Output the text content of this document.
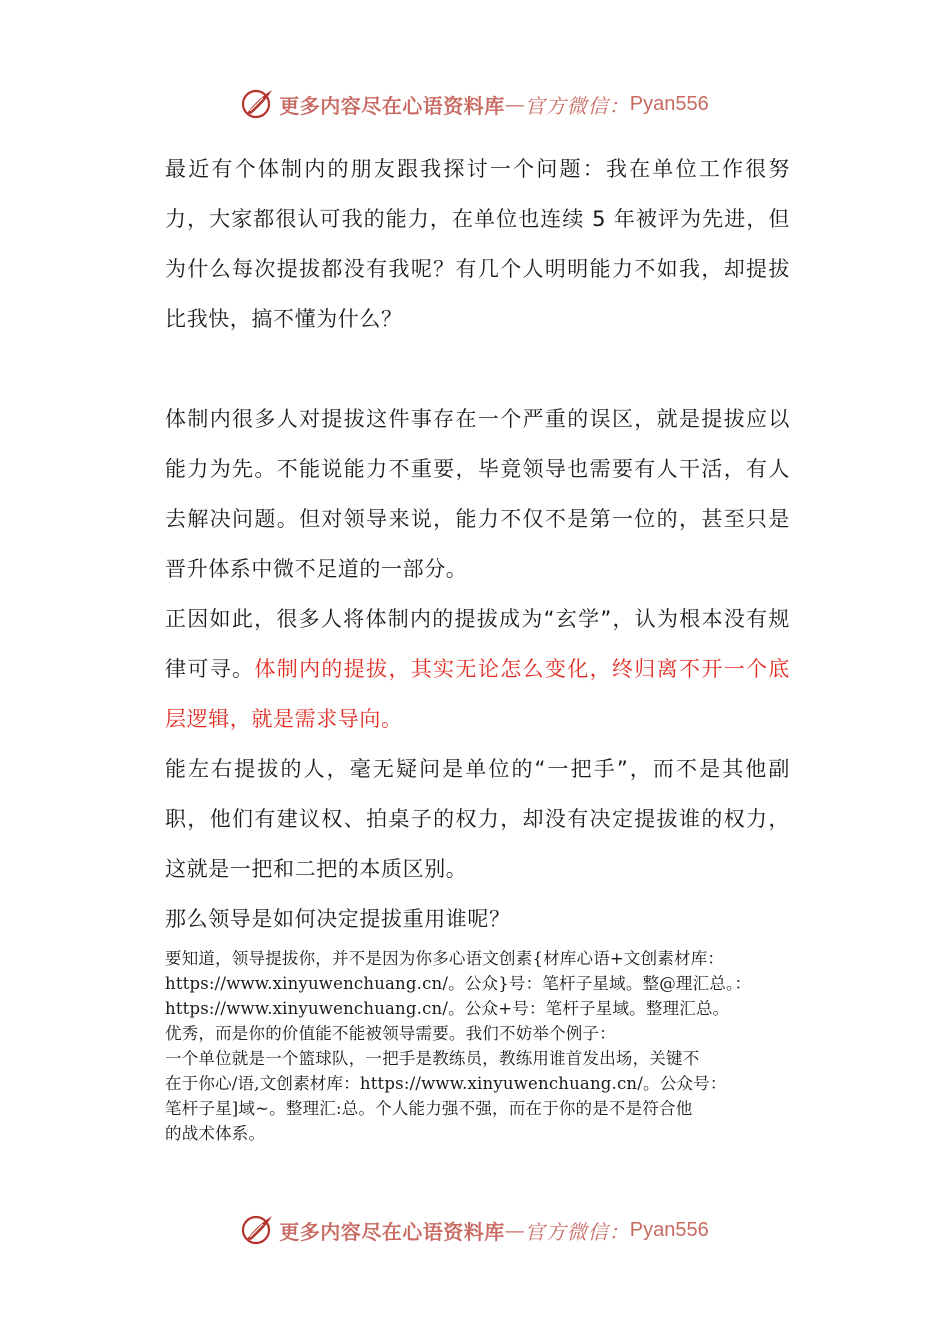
更多内容尽在心语资料库 — 官方微信： Pyan556

最近有个体制内的朋友跟我探讨一个问题：我在单位工作很努力，大家都很认可我的能力，在单位也连续 5 年被评为先进，但为什么每次提拔都没有我呢？有几个人明明能力不如我，却提拔比我快，搞不懂为什么？

体制内很多人对提拔这件事存在一个严重的误区，就是提拔应以能力为先。不能说能力不重要，毕竟领导也需要有人干活，有人去解决问题。但对领导来说，能力不仅不是第一位的，甚至只是晋升体系中微不足道的一部分。

正因如此，很多人将体制内的提拔成为“玄学”，认为根本没有规律可寻。体制内的提拔，其实无论怎么变化，终归离不开一个底层逻辑，就是需求导向。

能左右提拔的人，毫无疑问是单位的“一把手”，而不是其他副职，他们有建议权、拍桌子的权力，却没有决定提拔谁的权力，这就是一把和二把的本质区别。

那么领导是如何决定提拔重用谁呢？

要知道，领导提拔你，并不是因为你多心语文创素{材库心语+文创素材库：
https://www.xinyuwenchuang.cn/。公众}号：笔杆子星域。整@理汇总。：
https://www.xinyuwenchuang.cn/。公众+号：笔杆子星域。整理汇总。
优秀，而是你的价值能不能被领导需要。我们不妨举个例子：
一个单位就是一个篮球队，一把手是教练员，教练用谁首发出场，关键不
在于你心/语,文创素材库：https://www.xinyuwenchuang.cn/。公众号：
笔杆子星]域~。整理汇:总。个人能力强不强，而在于你的是不是符合他
的战术体系。
更多内容尽在心语资料库 — 官方微信： Pyan556
